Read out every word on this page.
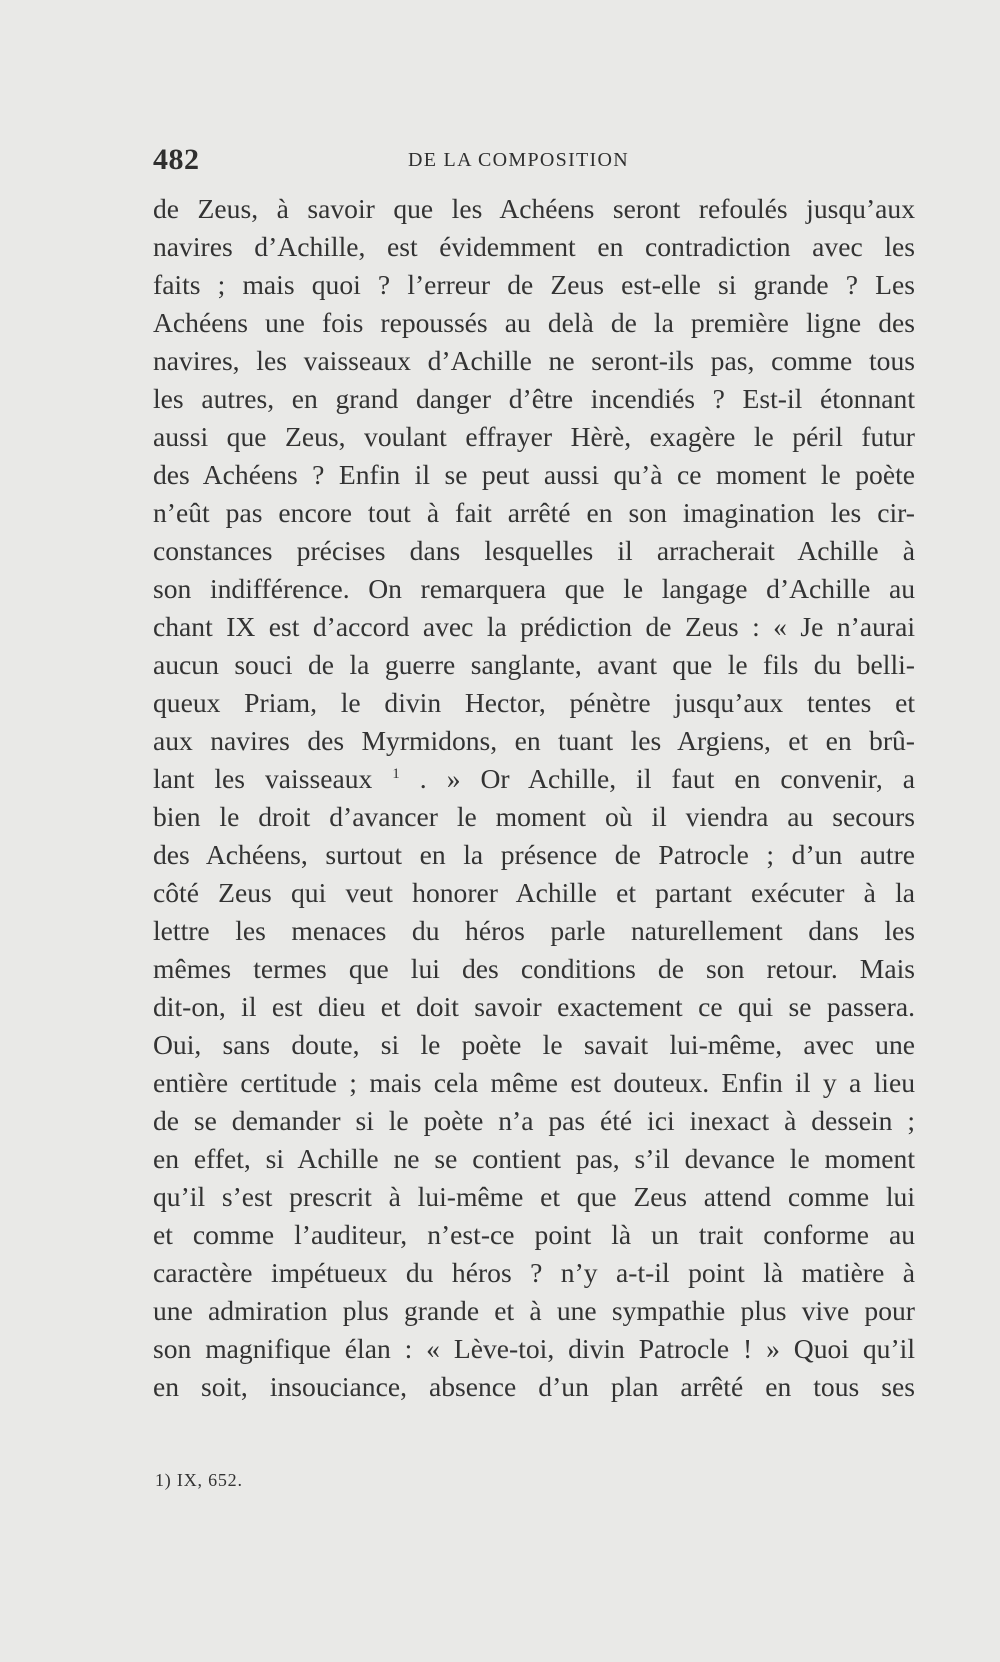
482	DE LA COMPOSITION
de Zeus, à savoir que les Achéens seront refoulés jusqu’aux
navires d’Achille, est évidemment en contradiction avec les
faits ; mais quoi ? l’erreur de Zeus est-elle si grande ? Les
Achéens une fois repoussés au delà de la première ligne des
navires, les vaisseaux d’Achille ne seront-ils pas, comme tous
les autres, en grand danger d’être incendiés ? Est-il étonnant
aussi que Zeus, voulant effrayer Hèrè, exagère le péril futur
des Achéens ? Enfin il se peut aussi qu’à ce moment le poète
n’eût pas encore tout à fait arrêté en son imagination les cir-
constances précises dans lesquelles il arracherait Achille à
son indifférence. On remarquera que le langage d’Achille au
chant IX est d’accord avec la prédiction de Zeus : « Je n’aurai
aucun souci de la guerre sanglante, avant que le fils du belli-
queux Priam, le divin Hector, pénètre jusqu’aux tentes et
aux navires des Myrmidons, en tuant les Argiens, et en brû-
lant les vaisseaux $^1$ . » Or Achille, il faut en convenir, a
bien le droit d’avancer le moment où il viendra au secours
des Achéens, surtout en la présence de Patrocle ; d’un autre
côté Zeus qui veut honorer Achille et partant exécuter à la
lettre les menaces du héros parle naturellement dans les
mêmes termes que lui des conditions de son retour. Mais
dit-on, il est dieu et doit savoir exactement ce qui se passera.
Oui, sans doute, si le poète le savait lui-même, avec une
entière certitude ; mais cela même est douteux. Enfin il y a lieu
de se demander si le poète n’a pas été ici inexact à dessein ;
en effet, si Achille ne se contient pas, s’il devance le moment
qu’il s’est prescrit à lui-même et que Zeus attend comme lui
et comme l’auditeur, n’est-ce point là un trait conforme au
caractère impétueux du héros ? n’y a-t-il point là matière à
une admiration plus grande et à une sympathie plus vive pour
son magnifique élan : « Lève-toi, divin Patrocle ! » Quoi qu’il
en soit, insouciance, absence d’un plan arrêté en tous ses
1) IX, 652.
